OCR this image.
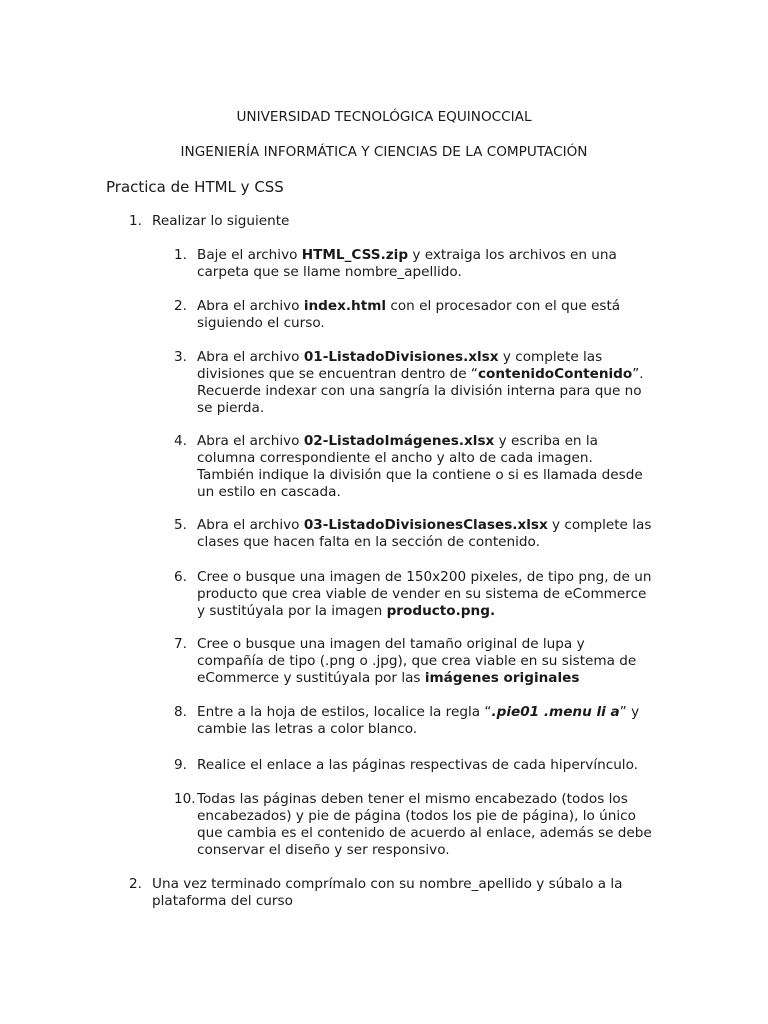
UNIVERSIDAD TECNOLÓGICA EQUINOCCIAL
INGENIERÍA INFORMÁTICA Y CIENCIAS DE LA COMPUTACIÓN
Practica de HTML y CSS
1. Realizar lo siguiente
1. Baje el archivo HTML_CSS.zip y extraiga los archivos en una carpeta que se llame nombre_apellido.
2. Abra el archivo index.html con el procesador con el que está siguiendo el curso.
3. Abra el archivo 01-ListadoDivisiones.xlsx y complete las divisiones que se encuentran dentro de “contenidoContenido”. Recuerde indexar con una sangría la división interna para que no se pierda.
4. Abra el archivo 02-ListadoImágenes.xlsx y escriba en la columna correspondiente el ancho y alto de cada imagen. También indique la división que la contiene o si es llamada desde un estilo en cascada.
5. Abra el archivo 03-ListadoDivisionesClases.xlsx y complete las clases que hacen falta en la sección de contenido.
6. Cree o busque una imagen de 150x200 pixeles, de tipo png, de un producto que crea viable de vender en su sistema de eCommerce y sustitúyala por la imagen producto.png.
7. Cree o busque una imagen del tamaño original de lupa y compañía de tipo (.png o .jpg), que crea viable en su sistema de eCommerce y sustitúyala por las imágenes originales
8. Entre a la hoja de estilos, localice la regla “.pie01 .menu li a” y cambie las letras a color blanco.
9. Realice el enlace a las páginas respectivas de cada hipervínculo.
10. Todas las páginas deben tener el mismo encabezado (todos los encabezados) y pie de página (todos los pie de página), lo único que cambia es el contenido de acuerdo al enlace, además se debe conservar el diseño y ser responsivo.
2. Una vez terminado comprímalo con su nombre_apellido y súbalo a la plataforma del curso
